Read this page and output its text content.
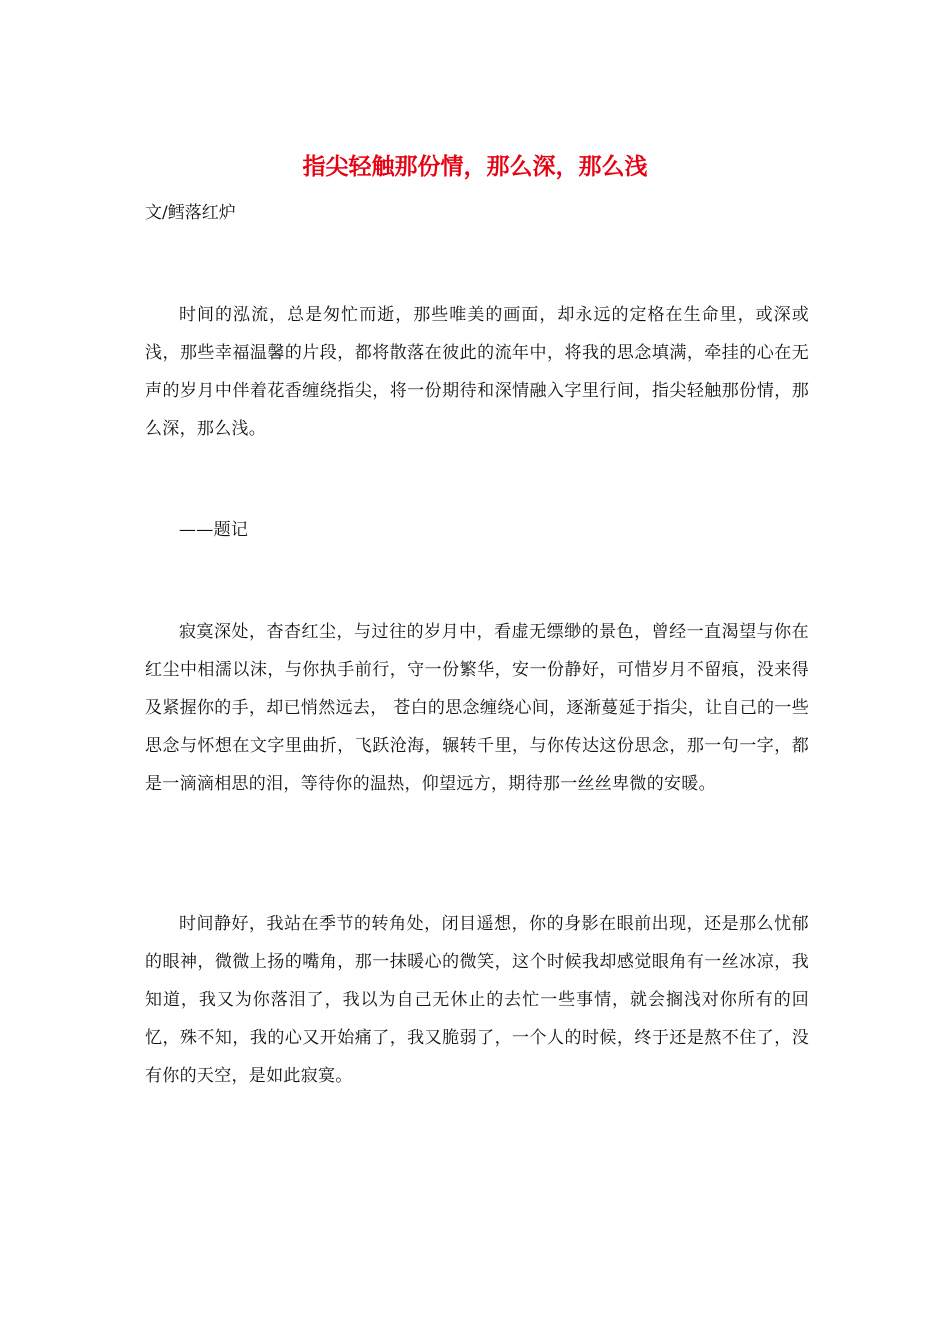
指尖轻触那份情，那么深，那么浅

文/鳕落红炉

时间的泓流，总是匆忙而逝，那些唯美的画面，却永远的定格在生命里，或深或浅，那些幸福温馨的片段，都将散落在彼此的流年中，将我的思念填满，牵挂的心在无声的岁月中伴着花香缠绕指尖，将一份期待和深情融入字里行间，指尖轻触那份情，那么深，那么浅。

——题记

寂寞深处，杳杳红尘，与过往的岁月中，看虚无缥缈的景色，曾经一直渴望与你在红尘中相濡以沫，与你执手前行，守一份繁华，安一份静好，可惜岁月不留痕，没来得及紧握你的手，却已悄然远去， 苍白的思念缠绕心间，逐渐蔓延于指尖，让自己的一些思念与怀想在文字里曲折，飞跃沧海，辗转千里，与你传达这份思念，那一句一字，都是一滴滴相思的泪，等待你的温热，仰望远方，期待那一丝丝卑微的安暖。

时间静好，我站在季节的转角处，闭目遥想，你的身影在眼前出现，还是那么忧郁的眼神，微微上扬的嘴角，那一抹暖心的微笑，这个时候我却感觉眼角有一丝冰凉，我知道，我又为你落泪了，我以为自己无休止的去忙一些事情，就会搁浅对你所有的回忆，殊不知，我的心又开始痛了，我又脆弱了，一个人的时候，终于还是熬不住了，没有你的天空，是如此寂寞。
